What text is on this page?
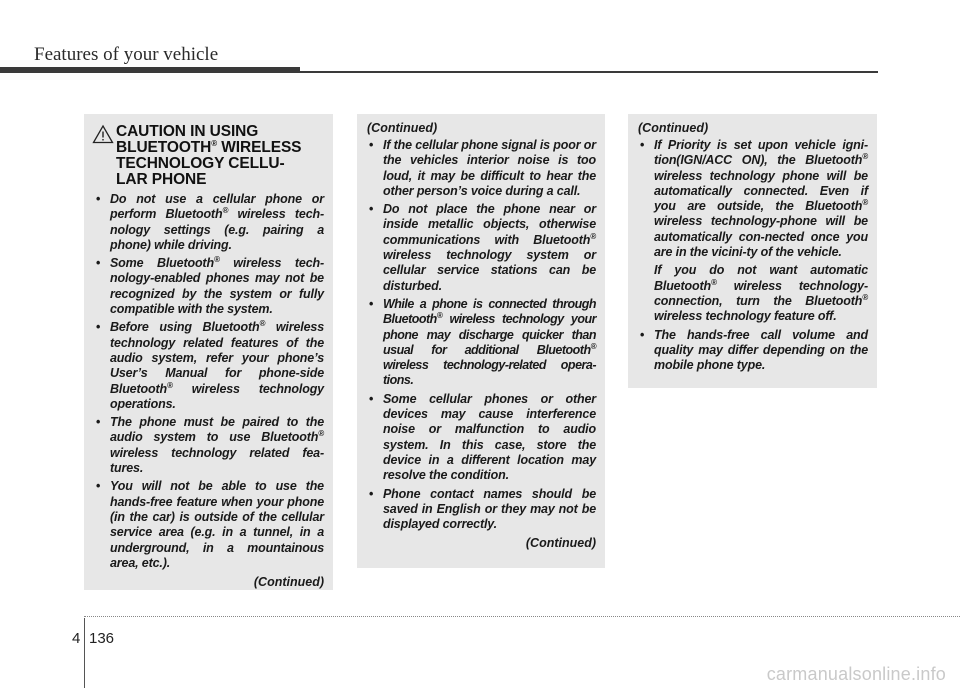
Features of your vehicle
CAUTION IN USING
BLUETOOTH® WIRELESS
TECHNOLOGY CELLU-
LAR PHONE
• Do not use a cellular phone or perform Bluetooth® wireless tech-nology settings (e.g. pairing a phone) while driving.
• Some Bluetooth® wireless tech-nology-enabled phones may not be recognized by the system or fully compatible with the system.
• Before using Bluetooth® wireless technology related features of the audio system, refer your phone’s User’s Manual for phone-side Bluetooth® wireless technology operations.
• The phone must be paired to the audio system to use Bluetooth® wireless technology related fea-tures.
• You will not be able to use the hands-free feature when your phone (in the car) is outside of the cellular service area (e.g. in a tunnel, in a underground, in a mountainous area, etc.).
(Continued)
(Continued)
• If the cellular phone signal is poor or the vehicles interior noise is too loud, it may be difficult to hear the other person’s voice during a call.
• Do not place the phone near or inside metallic objects, otherwise communications with Bluetooth® wireless technology system or cellular service stations can be disturbed.
• While a phone is connected through Bluetooth® wireless technology your phone may discharge quicker than usual for additional Bluetooth® wireless technology-related opera-tions.
• Some cellular phones or other devices may cause interference noise or malfunction to audio system. In this case, store the device in a different location may resolve the condition.
• Phone contact names should be saved in English or they may not be displayed correctly.
(Continued)
(Continued)
• If Priority is set upon vehicle igni-tion(IGN/ACC ON), the Bluetooth® wireless technology phone will be automatically connected. Even if you are outside, the Bluetooth® wireless technology-phone will be automatically con-nected once you are in the vicini-ty of the vehicle.
If you do not want automatic Bluetooth® wireless technology-connection, turn the Bluetooth® wireless technology feature off.
• The hands-free call volume and quality may differ depending on the mobile phone type.
4 136
carmanualsonline.info
